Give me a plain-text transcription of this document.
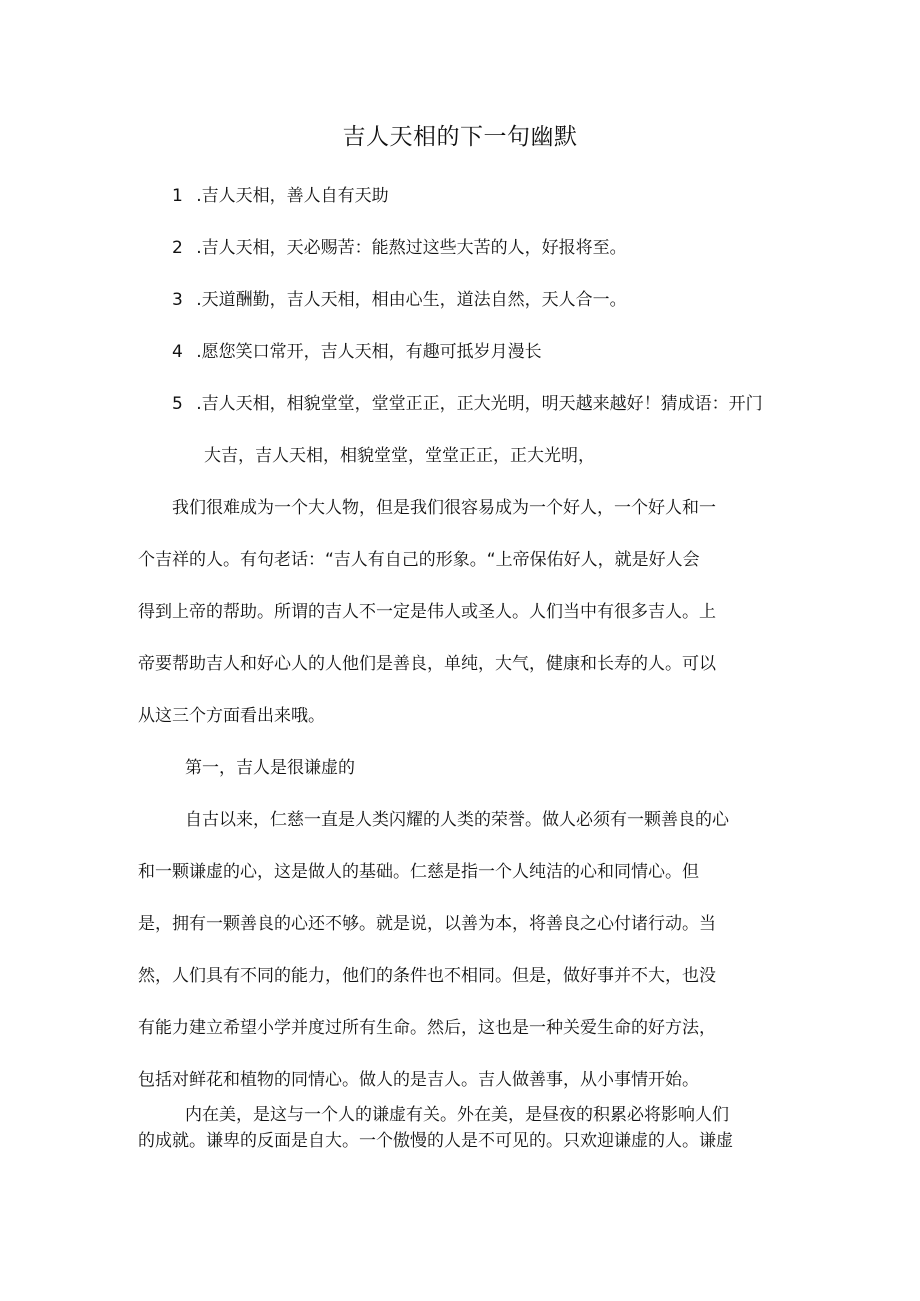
吉人天相的下一句幽默
1 .吉人天相，善人自有天助
2 .吉人天相，天必赐苦：能熬过这些大苦的人，好报将至。
3 .天道酬勤，吉人天相，相由心生，道法自然，天人合一。
4 .愿您笑口常开，吉人天相，有趣可抵岁月漫长
5 .吉人天相，相貌堂堂，堂堂正正，正大光明，明天越来越好！猜成语：开门
大吉，吉人天相，相貌堂堂，堂堂正正，正大光明，
我们很难成为一个大人物，但是我们很容易成为一个好人，一个好人和一
个吉祥的人。有句老话：“吉人有自己的形象。“上帝保佑好人，就是好人会
得到上帝的帮助。所谓的吉人不一定是伟人或圣人。人们当中有很多吉人。上
帝要帮助吉人和好心人的人他们是善良，单纯，大气，健康和长寿的人。可以
从这三个方面看出来哦。
第一，吉人是很谦虚的
自古以来，仁慈一直是人类闪耀的人类的荣誉。做人必须有一颗善良的心
和一颗谦虚的心，这是做人的基础。仁慈是指一个人纯洁的心和同情心。但
是，拥有一颗善良的心还不够。就是说，以善为本，将善良之心付诸行动。当
然，人们具有不同的能力，他们的条件也不相同。但是，做好事并不大，也没
有能力建立希望小学并度过所有生命。然后，这也是一种关爱生命的好方法，
包括对鲜花和植物的同情心。做人的是吉人。吉人做善事，从小事情开始。
内在美，是这与一个人的谦虚有关。外在美，是昼夜的积累必将影响人们
的成就。谦卑的反面是自大。一个傲慢的人是不可见的。只欢迎谦虚的人。谦虚
